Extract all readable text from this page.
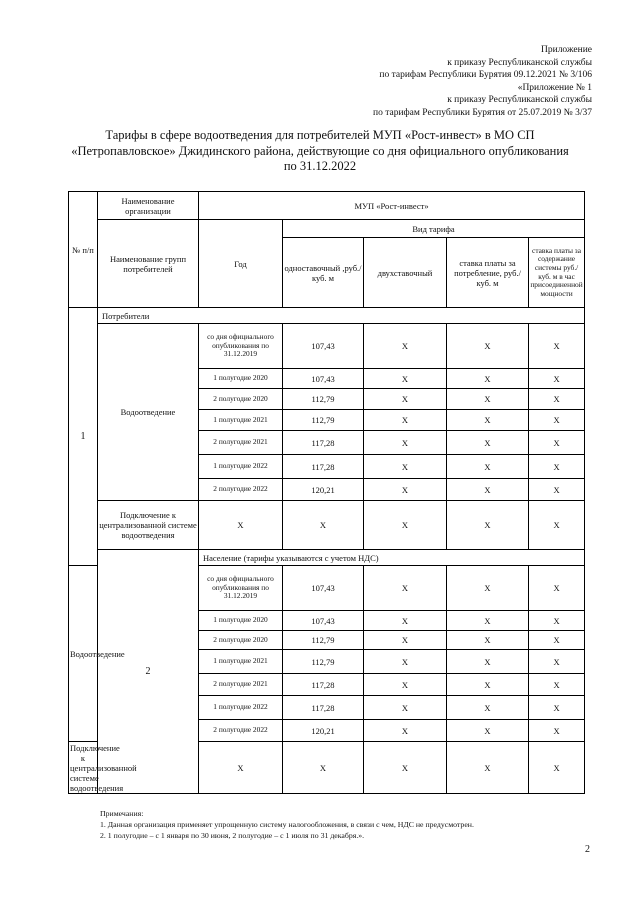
Приложение
к приказу Республиканской службы
по тарифам Республики Бурятия 09.12.2021 № 3/106
«Приложение № 1
к приказу Республиканской службы
по тарифам Республики Бурятия от 25.07.2019 № 3/37
Тарифы в сфере водоотведения для потребителей МУП «Рост-инвест» в МО СП
«Петропавловское» Джидинского района, действующие со дня официального опубликования
по 31.12.2022
№ п/п	Наименование организации	МУП «Рост-инвест»				
	Наименование групп потребителей	Год	Вид тарифа			
			одноставочный ,руб./ куб. м	двухставочный	ставка платы за потребление, руб./ куб. м	ставка платы за содержание системы руб./куб. м в час присоединенной мощности
1	Потребители					
	Водоотведение	со дня официального опубликования по 31.12.2019	107,43	X	X	X
		1 полугодие 2020	107,43	X	X	X
		2 полугодие 2020	112,79	X	X	X
		1 полугодие 2021	112,79	X	X	X
		2 полугодие 2021	117,28	X	X	X
		1 полугодие 2022	117,28	X	X	X
		2 полугодие 2022	120,21	X	X	X
	Подключение к централизованной системе водоотведения	X	X	X	X	X
	2	Население (тарифы указываются с учетом НДС)				
Водоотведение		со дня официального опубликования по 31.12.2019	107,43	X	X	X
		1 полугодие 2020	107,43	X	X	X
		2 полугодие 2020	112,79	X	X	X
		1 полугодие 2021	112,79	X	X	X
		2 полугодие 2021	117,28	X	X	X
		1 полугодие 2022	117,28	X	X	X
		2 полугодие 2022	120,21	X	X	X
Подключение к централизованной системе водоотведения		X	X	X	X	X
Примечания:
1. Данная организация применяет упрощенную систему налогообложения, в связи с чем, НДС не предусмотрен.
2. 1 полугодие – с 1 января по 30 июня, 2 полугодие – с 1 июля по 31 декабря.».
2
